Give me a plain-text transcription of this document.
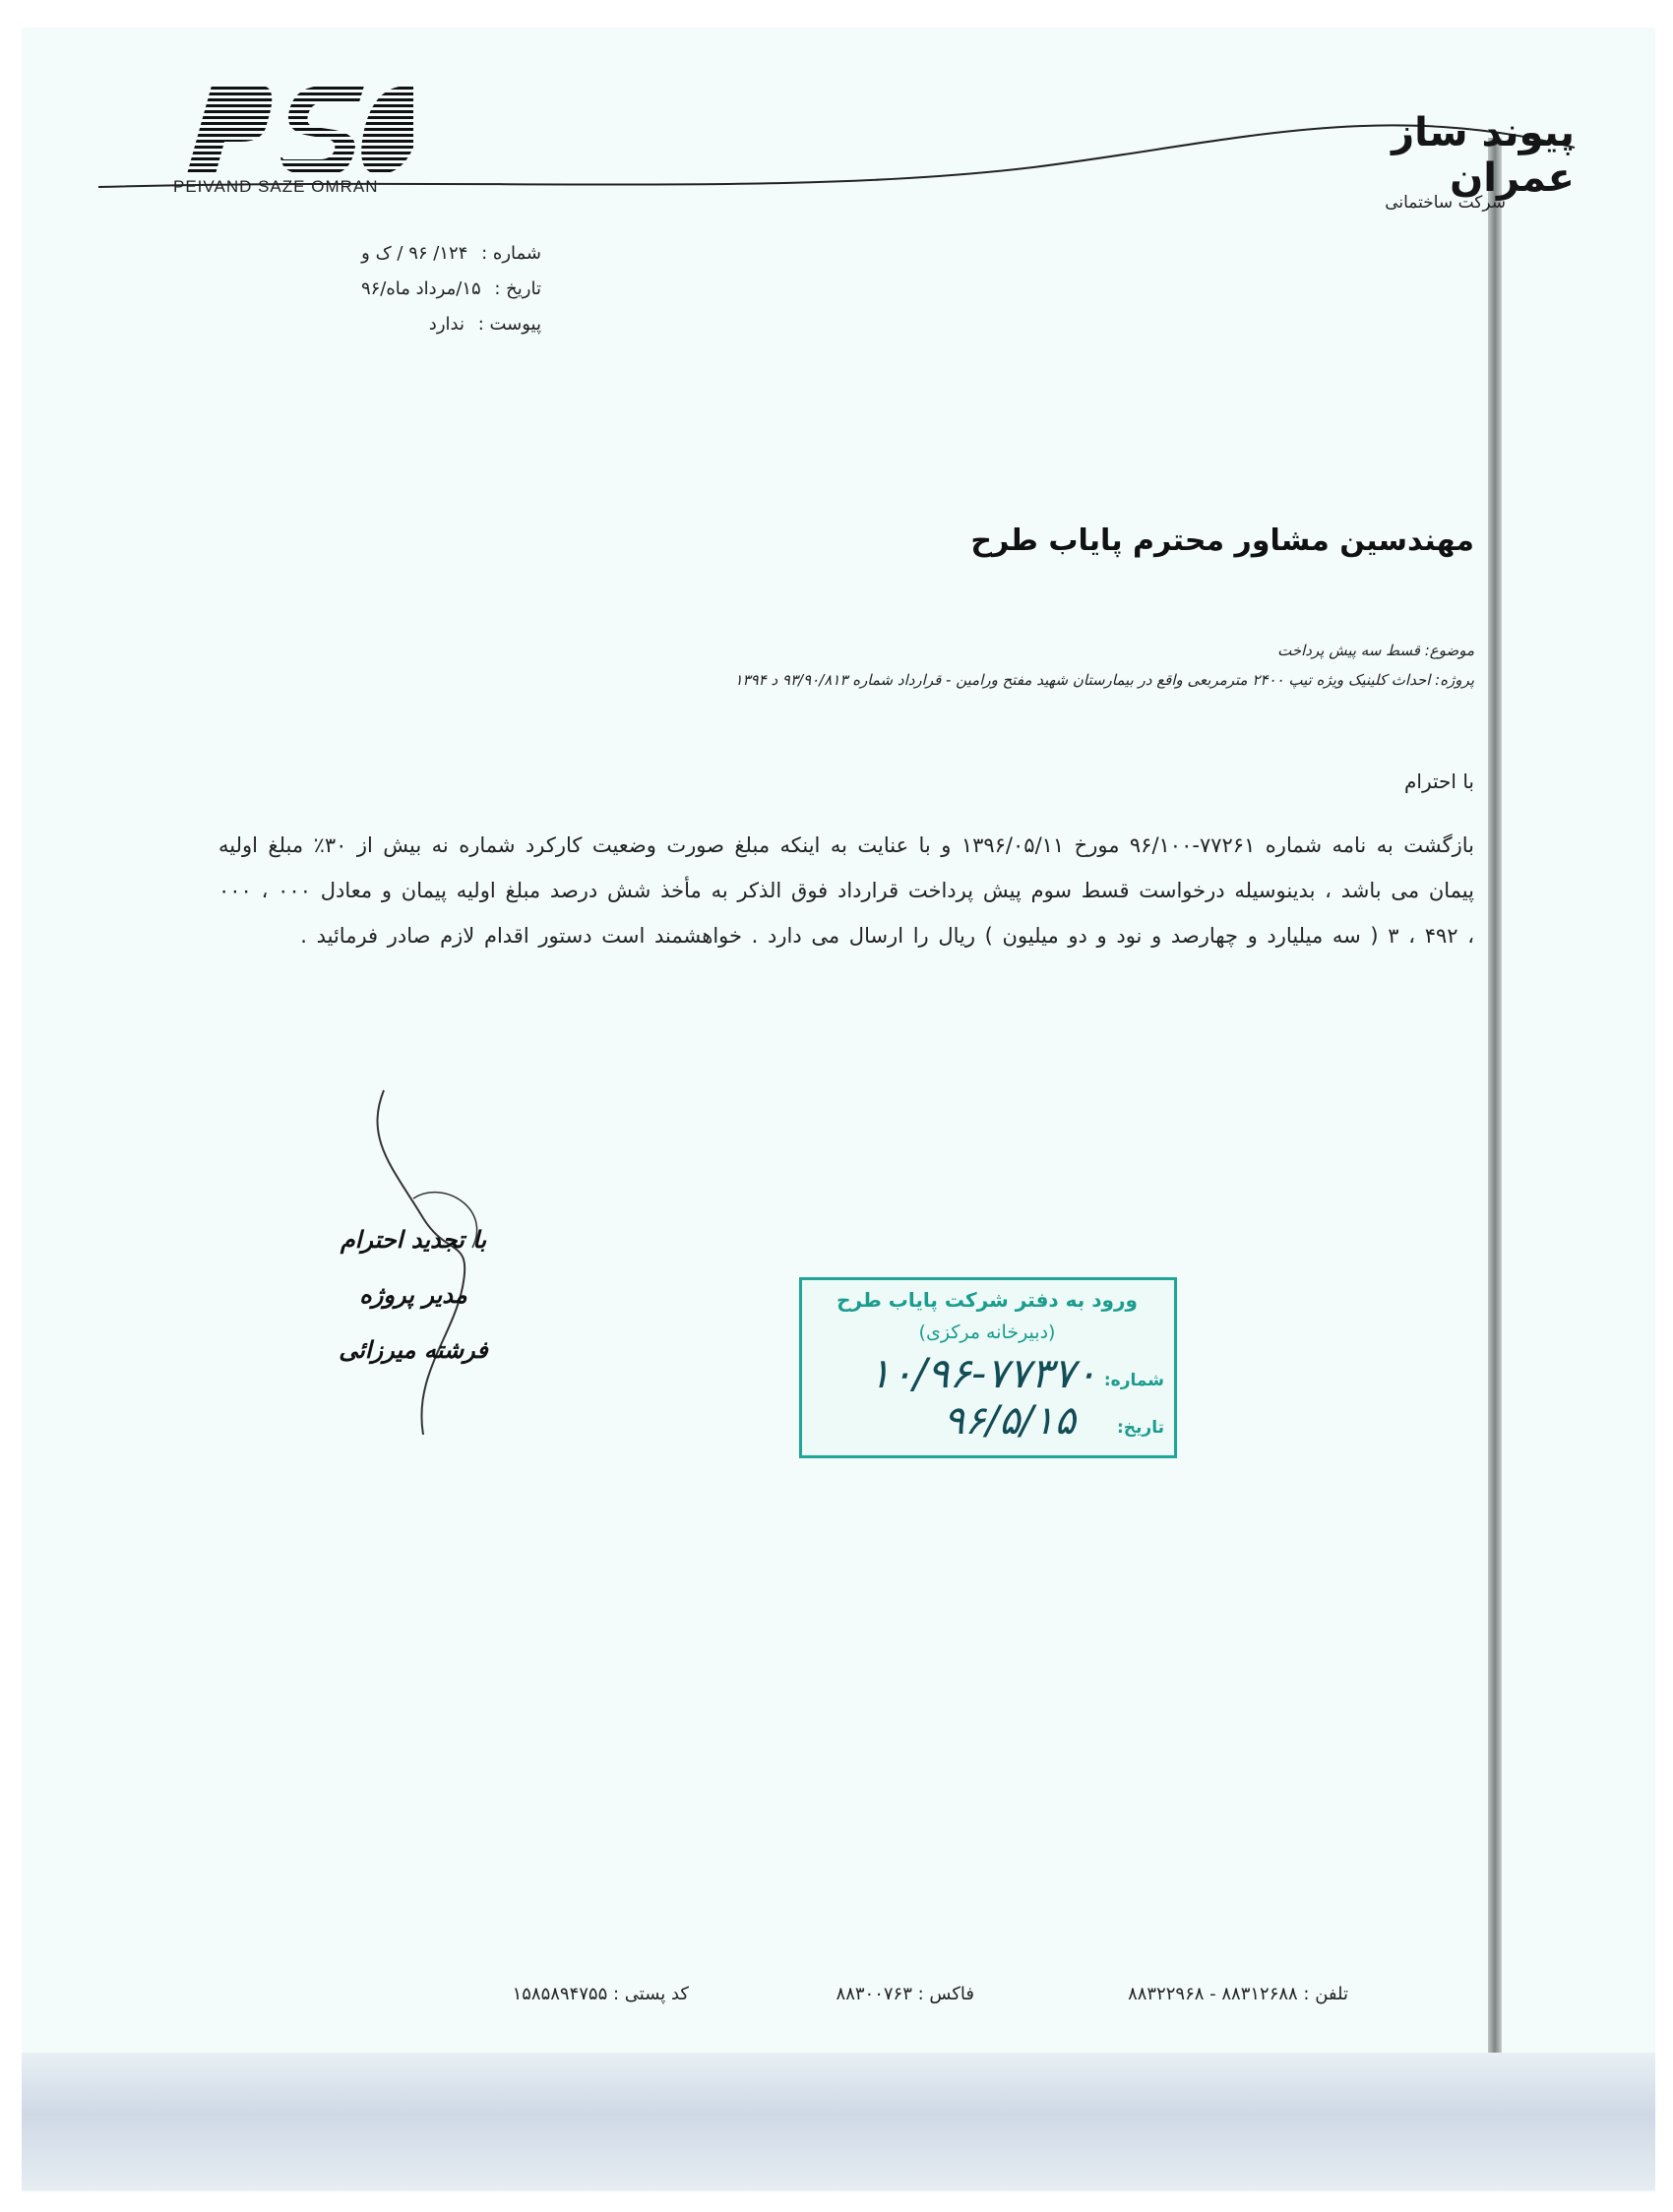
PEIVAND SAZE OMRAN
پیوند ساز عمران
شرکت ساختمانی
شماره : ۱۲۴/ ۹۶ / ک و
تاریخ : ۱۵/مرداد ماه/۹۶
پیوست : ندارد
مهندسین مشاور محترم پایاب طرح
موضوع: قسط سه پیش پرداخت
پروژه: احداث کلینیک ویژه تیپ ۲۴۰۰ مترمربعی واقع در بیمارستان شهید مفتح ورامین - قرارداد شماره ۹۳/۹۰/۸۱۳ د ۱۳۹۴
با احترام
بازگشت به نامه شماره ۷۷۲۶۱-۹۶/۱۰۰ مورخ ۱۳۹۶/۰۵/۱۱ و با عنایت به اینکه مبلغ صورت وضعیت کارکرد شماره نه بیش از ۳۰٪ مبلغ اولیه پیمان می باشد ، بدینوسیله درخواست قسط سوم پیش پرداخت قرارداد فوق الذکر به مأخذ شش درصد مبلغ اولیه پیمان و معادل ۰۰۰ ، ۰۰۰ ، ۴۹۲ ، ۳ ( سه میلیارد و چهارصد و نود و دو میلیون ) ریال را ارسال می دارد . خواهشمند است دستور اقدام لازم صادر فرمائید .
با تجدید احترام
مدیر پروژه
فرشته میرزائی
ورود به دفتر شرکت پایاب طرح
(دبیرخانه مرکزی)
شماره:
۱۰/۹۶-۷۷۳۷۰
تاریخ:
۹۶/۵/۱۵
تلفن : ۸۸۳۱۲۶۸۸ - ۸۸۳۲۲۹۶۸
فاکس : ۸۸۳۰۰۷۶۳
کد پستی : ۱۵۸۵۸۹۴۷۵۵
